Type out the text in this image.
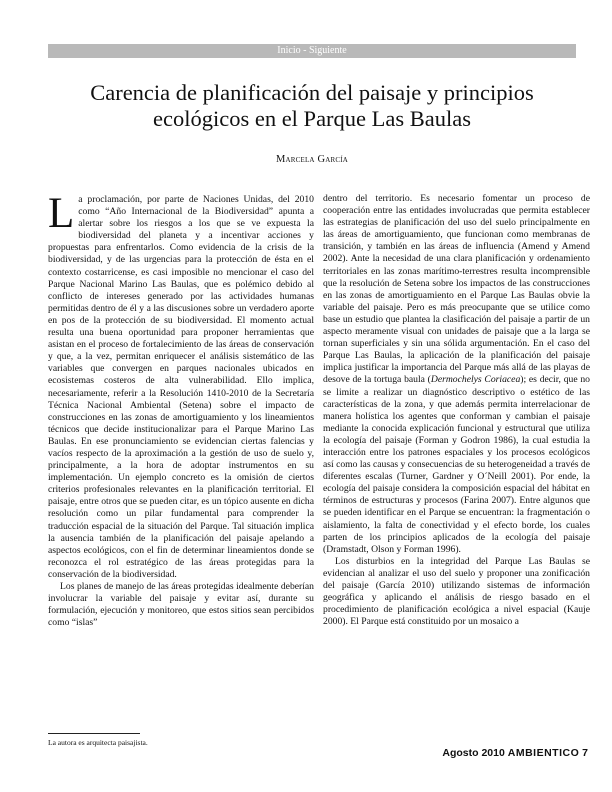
Inicio - Siguiente
Carencia de planificación del paisaje y principios
ecológicos en el Parque Las Baulas
Marcela García

La proclamación, por parte de Naciones Unidas, del 2010 como “Año Internacional de la Biodiversidad” apunta a alertar sobre los riesgos a los que se ve expuesta la biodiversidad del planeta y a incentivar acciones y propuestas para enfrentarlos. Como evidencia de la crisis de la biodiversidad, y de las urgencias para la protección de ésta en el contexto costarricense, es casi imposible no mencionar el caso del Parque Nacional Marino Las Baulas, que es polémico debido al conflicto de intereses generado por las actividades humanas permitidas dentro de él y a las discusiones sobre un verdadero aporte en pos de la protección de su biodiversidad. El momento actual resulta una buena oportunidad para proponer herramientas que asistan en el proceso de fortalecimiento de las áreas de conservación y que, a la vez, permitan enriquecer el análisis sistemático de las variables que convergen en parques nacionales ubicados en ecosistemas costeros de alta vulnerabilidad. Ello implica, necesariamente, referir a la Resolución 1410-2010 de la Secretaría Técnica Nacional Ambiental (Setena) sobre el impacto de construcciones en las zonas de amortiguamiento y los lineamientos técnicos que decide institucionalizar para el Parque Marino Las Baulas. En ese pronunciamiento se evidencian ciertas falencias y vacíos respecto de la aproximación a la gestión de uso de suelo y, principalmente, a la hora de adoptar instrumentos en su implementación. Un ejemplo concreto es la omisión de ciertos criterios profesionales relevantes en la planificación territorial. El paisaje, entre otros que se pueden citar, es un tópico ausente en dicha resolución como un pilar fundamental para comprender la traducción espacial de la situación del Parque. Tal situación implica la ausencia también de la planificación del paisaje apelando a aspectos ecológicos, con el fin de determinar lineamientos donde se reconozca el rol estratégico de las áreas protegidas para la conservación de la biodiversidad.

Los planes de manejo de las áreas protegidas idealmente deberían involucrar la variable del paisaje y evitar así, durante su formulación, ejecución y monitoreo, que estos sitios sean percibidos como “islas”

dentro del territorio. Es necesario fomentar un proceso de cooperación entre las entidades involucradas que permita establecer las estrategias de planificación del uso del suelo principalmente en las áreas de amortiguamiento, que funcionan como membranas de transición, y también en las áreas de influencia (Amend y Amend 2002). Ante la necesidad de una clara planificación y ordenamiento territoriales en las zonas marítimo-terrestres resulta incomprensible que la resolución de Setena sobre los impactos de las construcciones en las zonas de amortiguamiento en el Parque Las Baulas obvie la variable del paisaje. Pero es más preocupante que se utilice como base un estudio que plantea la clasificación del paisaje a partir de un aspecto meramente visual con unidades de paisaje que a la larga se tornan superficiales y sin una sólida argumentación. En el caso del Parque Las Baulas, la aplicación de la planificación del paisaje implica justificar la importancia del Parque más allá de las playas de desove de la tortuga baula (Dermochelys Coriacea); es decir, que no se limite a realizar un diagnóstico descriptivo o estético de las características de la zona, y que además permita interrelacionar de manera holística los agentes que conforman y cambian el paisaje mediante la conocida explicación funcional y estructural que utiliza la ecología del paisaje (Forman y Godron 1986), la cual estudia la interacción entre los patrones espaciales y los procesos ecológicos así como las causas y consecuencias de su heterogeneidad a través de diferentes escalas (Turner, Gardner y O´Neill 2001). Por ende, la ecología del paisaje considera la composición espacial del hábitat en términos de estructuras y procesos (Farina 2007). Entre algunos que se pueden identificar en el Parque se encuentran: la fragmentación o aislamiento, la falta de conectividad y el efecto borde, los cuales parten de los principios aplicados de la ecología del paisaje (Dramstadt, Olson y Forman 1996).

Los disturbios en la integridad del Parque Las Baulas se evidencian al analizar el uso del suelo y proponer una zonificación del paisaje (García 2010) utilizando sistemas de información geográfica y aplicando el análisis de riesgo basado en el procedimiento de planificación ecológica a nivel espacial (Kauje 2000). El Parque está constituido por un mosaico a

La autora es arquitecta paisajista.
Agosto 2010 AMBIENTICO 7
